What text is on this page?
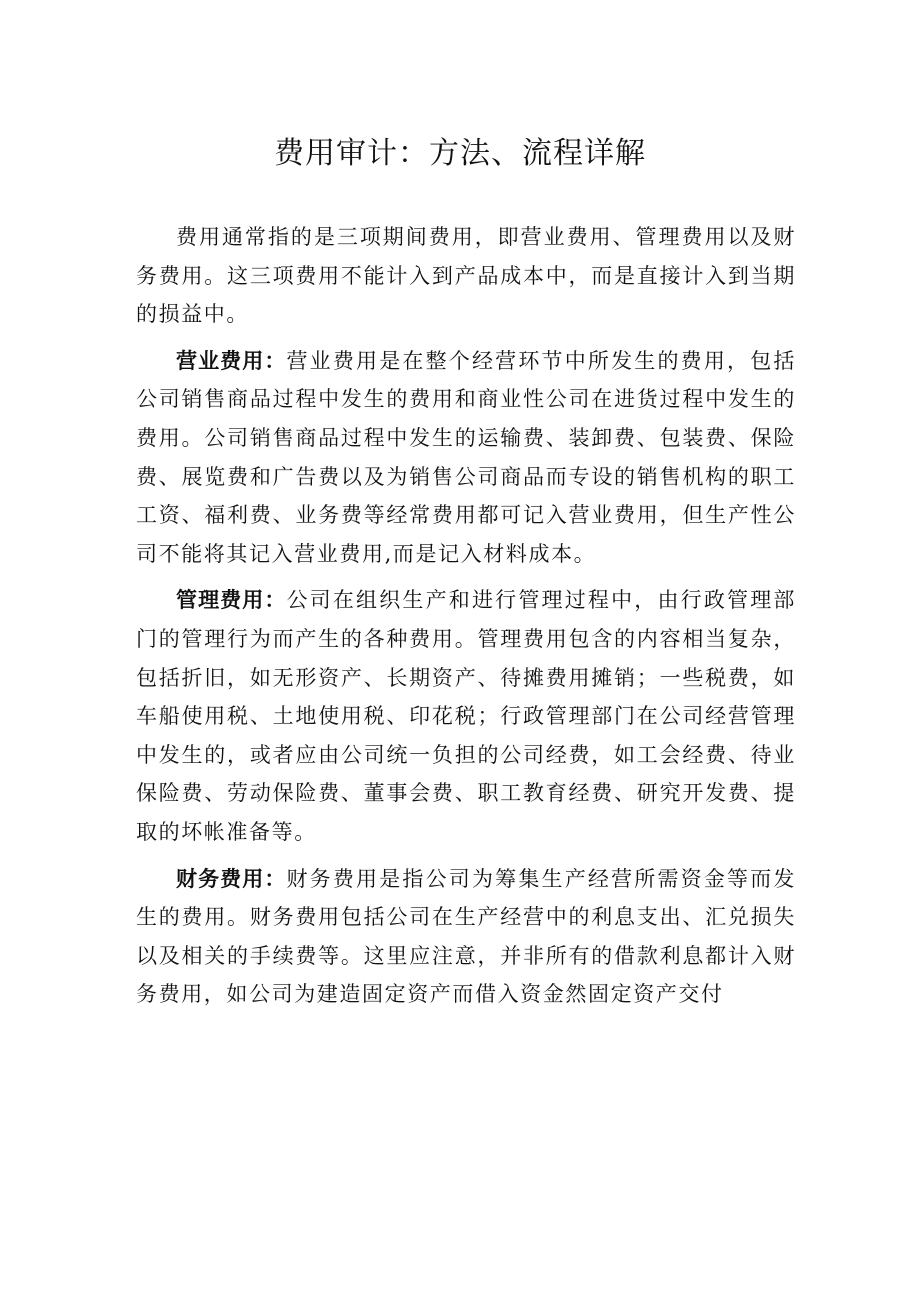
费用审计：方法、流程详解

费用通常指的是三项期间费用，即营业费用、管理费用以及财务费用。这三项费用不能计入到产品成本中，而是直接计入到当期的损益中。

营业费用：营业费用是在整个经营环节中所发生的费用，包括公司销售商品过程中发生的费用和商业性公司在进货过程中发生的费用。公司销售商品过程中发生的运输费、装卸费、包装费、保险费、展览费和广告费以及为销售公司商品而专设的销售机构的职工工资、福利费、业务费等经常费用都可记入营业费用，但生产性公司不能将其记入营业费用,而是记入材料成本。

管理费用：公司在组织生产和进行管理过程中，由行政管理部门的管理行为而产生的各种费用。管理费用包含的内容相当复杂，包括折旧，如无形资产、长期资产、待摊费用摊销；一些税费，如车船使用税、土地使用税、印花税；行政管理部门在公司经营管理中发生的，或者应由公司统一负担的公司经费，如工会经费、待业保险费、劳动保险费、董事会费、职工教育经费、研究开发费、提取的坏帐准备等。

财务费用：财务费用是指公司为筹集生产经营所需资金等而发生的费用。财务费用包括公司在生产经营中的利息支出、汇兑损失以及相关的手续费等。这里应注意，并非所有的借款利息都计入财务费用，如公司为建造固定资产而借入资金然固定资产交付
